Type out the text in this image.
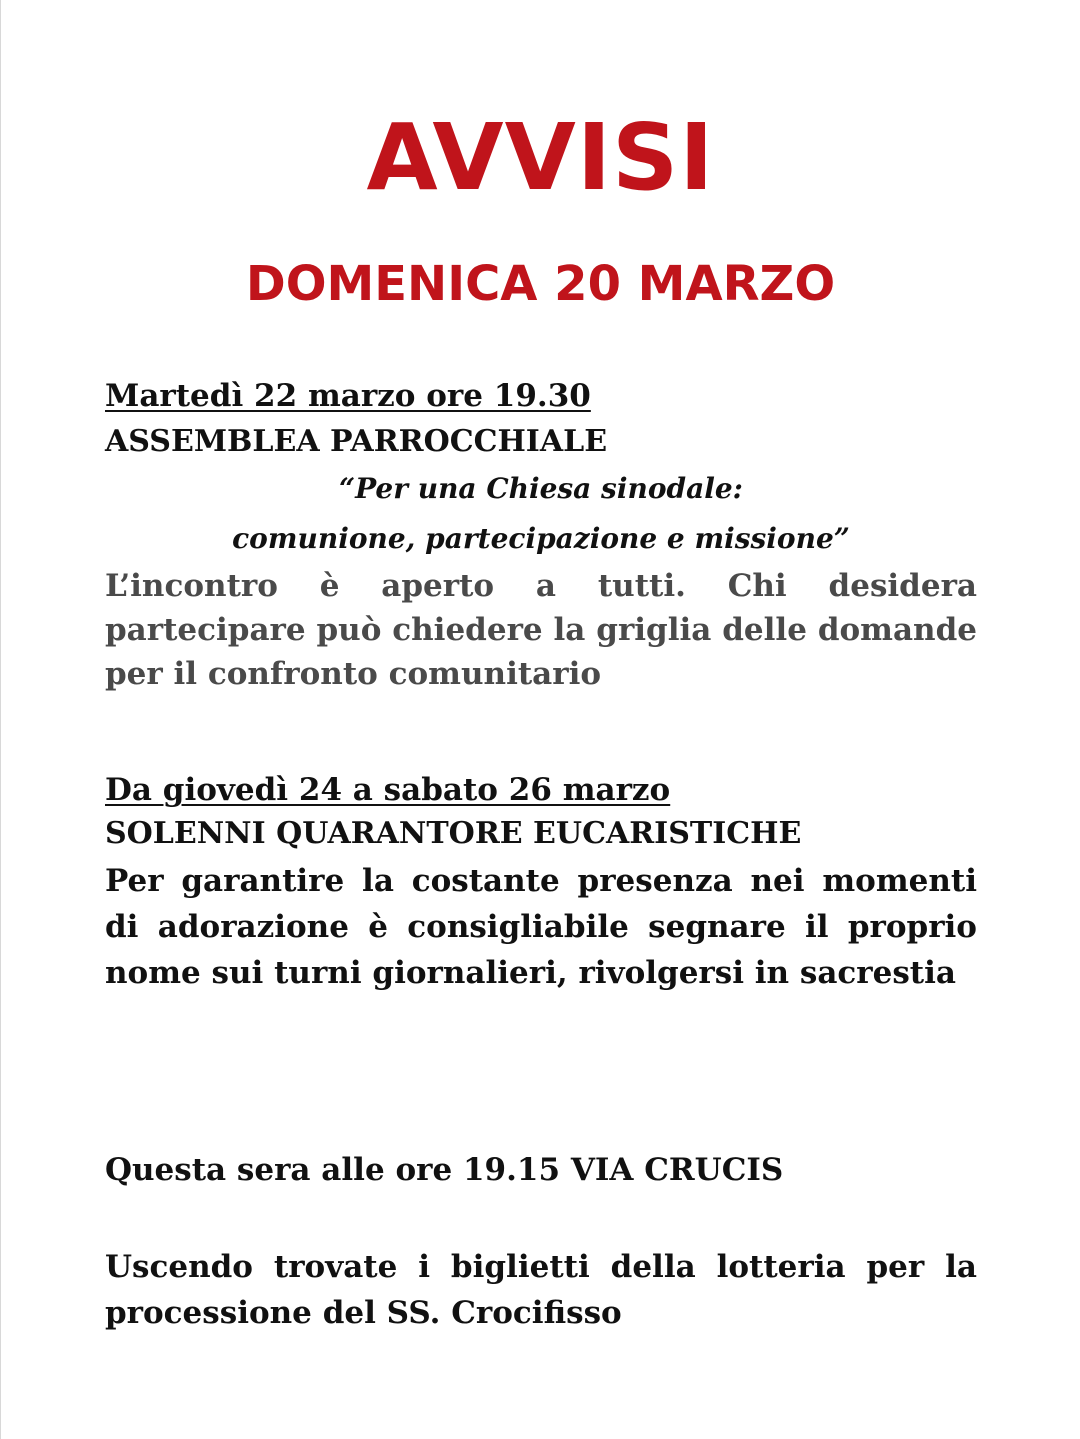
AVVISI
DOMENICA 20 MARZO
Martedì 22 marzo ore 19.30
ASSEMBLEA PARROCCHIALE
“Per una Chiesa sinodale:
comunione, partecipazione e missione”
L’incontro è aperto a tutti. Chi desidera partecipare può chiedere la griglia delle domande per il confronto comunitario
Da giovedì 24 a sabato 26 marzo
SOLENNI QUARANTORE EUCARISTICHE
Per garantire la costante presenza nei momenti di adorazione è consigliabile segnare il proprio nome sui turni giornalieri, rivolgersi in sacrestia
Questa sera alle ore 19.15 VIA CRUCIS
Uscendo trovate i biglietti della lotteria per la processione del SS. Crocifisso
